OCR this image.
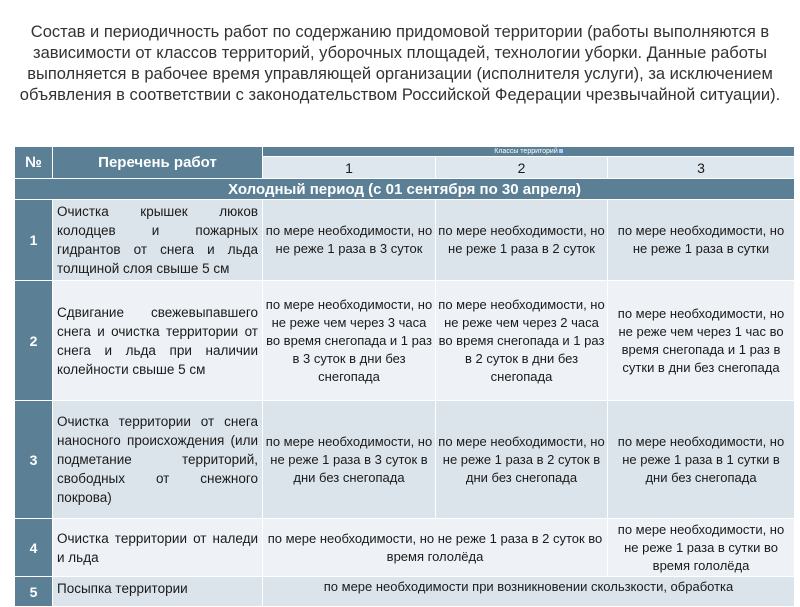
Состав и периодичность работ по содержанию придомовой территории (работы выполняются в зависимости от классов территорий, уборочных площадей, технологии уборки. Данные работы выполняется в рабочее время управляющей организации (исполнителя услуги), за исключением объявления в соответствии с законодательством Российской Федерации чрезвычайной ситуации).
№	Перечень работ	Классы территорий		
		1	2	3
Холодный период (с 01 сентября по 30 апреля)				
1	Очистка крышек люков колодцев и пожарных гидрантов от снега и льда толщиной слоя свыше 5 см	по мере необходимости, но не реже 1 раза в 3 суток	по мере необходимости, но не реже 1 раза в 2 суток	по мере необходимости, но не реже 1 раза в сутки
2	Сдвигание свежевыпавшего снега и очистка территории от снега и льда при наличии колейности свыше 5 см	по мере необходимости, но не реже чем через 3 часа во время снегопада и 1 раз в 3 суток в дни без снегопада	по мере необходимости, но не реже чем через 2 часа во время снегопада и 1 раз в 2 суток в дни без снегопада	по мере необходимости, но не реже чем через 1 час во время снегопада и 1 раз в сутки в дни без снегопада
3	Очистка территории от снега наносного происхождения (или подметание территорий, свободных от снежного покрова)	по мере необходимости, но не реже 1 раза в 3 суток в дни без снегопада	по мере необходимости, но не реже 1 раза в 2 суток в дни без снегопада	по мере необходимости, но не реже 1 раза в 1 сутки в дни без снегопада
4	Очистка территории от наледи и льда	по мере необходимости, но не реже 1 раза в 2 суток во время гололёда		по мере необходимости, но не реже 1 раза в сутки во время гололёда
5	Посыпка территории	по мере необходимости при возникновении скользкости, обработка		
